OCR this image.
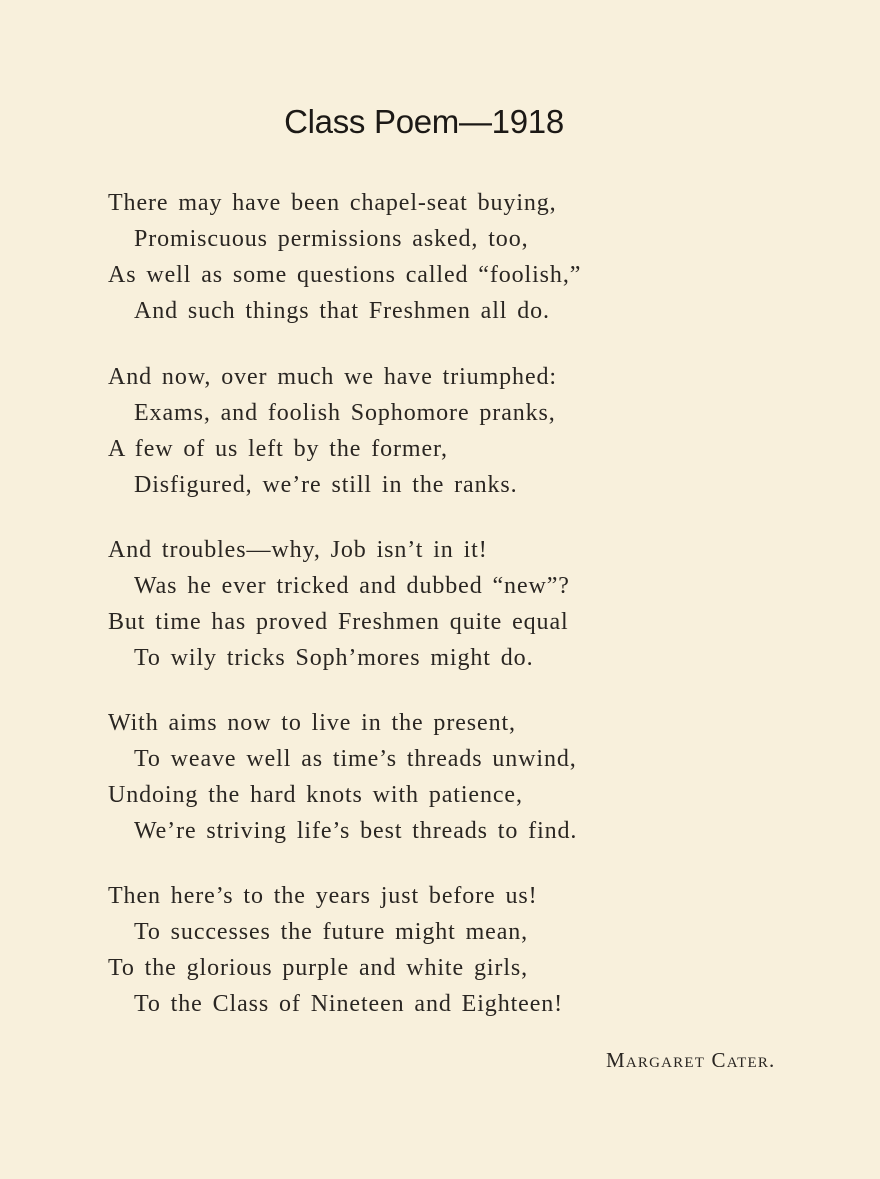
Class Poem—1918
There may have been chapel-seat buying,
Promiscuous permissions asked, too,
As well as some questions called “foolish,”
And such things that Freshmen all do.
And now, over much we have triumphed:
Exams, and foolish Sophomore pranks,
A few of us left by the former,
Disfigured, we’re still in the ranks.
And troubles—why, Job isn’t in it!
Was he ever tricked and dubbed “new”?
But time has proved Freshmen quite equal
To wily tricks Soph’mores might do.
With aims now to live in the present,
To weave well as time’s threads unwind,
Undoing the hard knots with patience,
We’re striving life’s best threads to find.
Then here’s to the years just before us!
To successes the future might mean,
To the glorious purple and white girls,
To the Class of Nineteen and Eighteen!
Margaret Cater.
